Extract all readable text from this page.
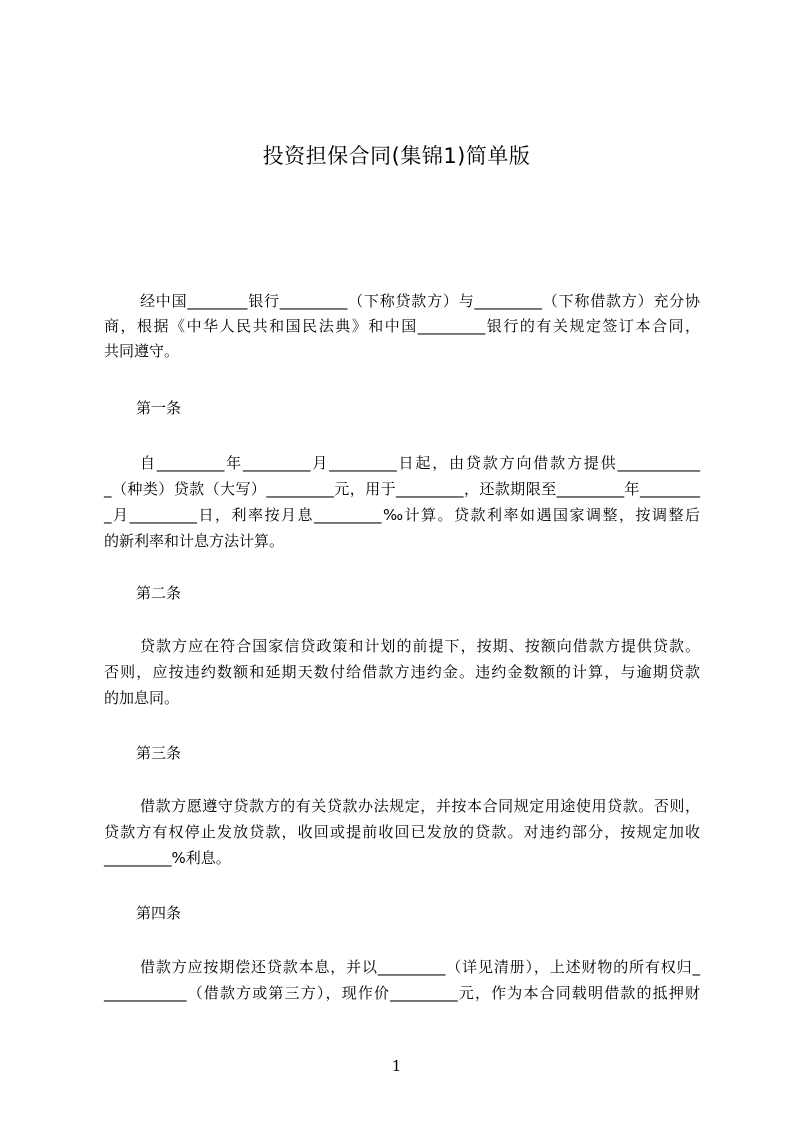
投资担保合同(集锦1)简单版
经中国________银行_________（下称贷款方）与_________（下称借款方）充分协
商，根据《中华人民共和国民法典》和中国_________银行的有关规定签订本合同，
共同遵守。
第一条
自_________年_________月_________日起，由贷款方向借款方提供___________
_（种类）贷款（大写）_________元，用于_________，还款期限至_________年________
_月_________日，利率按月息_________‰计算。贷款利率如遇国家调整，按调整后
的新利率和计息方法计算。
第二条
贷款方应在符合国家信贷政策和计划的前提下，按期、按额向借款方提供贷款。
否则，应按违约数额和延期天数付给借款方违约金。违约金数额的计算，与逾期贷款
的加息同。
第三条
借款方愿遵守贷款方的有关贷款办法规定，并按本合同规定用途使用贷款。否则，
贷款方有权停止发放贷款，收回或提前收回已发放的贷款。对违约部分，按规定加收
_________%利息。
第四条
借款方应按期偿还贷款本息，并以_________（详见清册），上述财物的所有权归_
___________（借款方或第三方），现作价_________元，作为本合同载明借款的抵押财
1
